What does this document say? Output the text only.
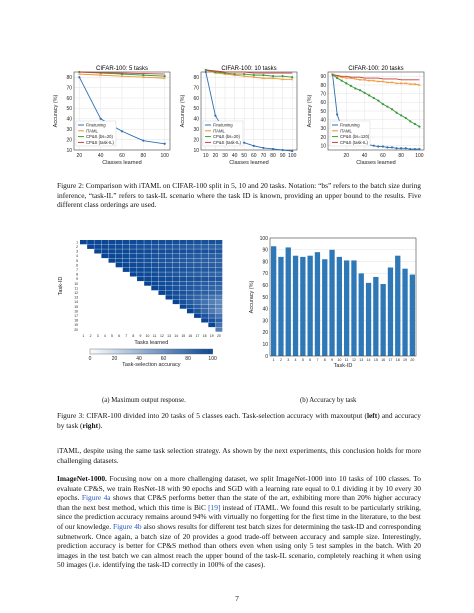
CIFAR-100: 5 tasks
10
20
30
40
50
60
70
80
20	40	60	80	100
Classes learned
Accuracy (%)	Finetuning
iTAML
CP&S (bs=20)
CP&S (task-IL)
CIFAR-100: 10 tasks
10
20
30
40
50
60
70
80
10 20 30 40 50 60 70 80 90 100
Classes learned
Accuracy (%)	Finetuning
iTAML
CP&S (bs=20)
CP&S (task-IL)
CIFAR-100: 20 tasks
10
20
30
40
50
60
70
80
90
20	40	60	80 100
Classes learned
Accuracy (%)	Finetuning
iTAML
CP&S (bs=120)
CP&S (task-IL)
Figure 2: Comparison with iTAML on CIFAR-100 split in 5, 10 and 20 tasks. Notation: “bs” refers to the batch size during inference, “task-IL” refers to task-IL scenario where the task ID is known, providing an upper bound to the results. Five different class orderings are used.
1
2
3
4
5
6
7
8
9
10
11
12
13
14
15
16
17
18
19
20
1 2 3 4 5 6 7 8 9 10 11 12 13 14 15 16 17 18 19 20
Task-ID
Tasks learned
0	20	40	60	80	100
Task-selection accuracy
0
10
20
30
40
50
60
70
80
90
100
1 2 3 4 5 6 7 8 9 10 11 12 13 14 15 16 17 18 19 20
Task-ID
Accuracy (%)
(a) Maximum output response.	(b) Accuracy by task
Figure 3: CIFAR-100 divided into 20 tasks of 5 classes each. Task-selection accuracy with maxoutput (left) and accuracy by task (right).
iTAML, despite using the same task selection strategy. As shown by the next experiments, this conclusion holds for more challenging datasets.
ImageNet-1000. Focusing now on a more challenging dataset, we split ImageNet-1000 into 10 tasks of 100 classes. To evaluate CP&S, we train ResNet-18 with 90 epochs and SGD with a learning rate equal to 0.1 dividing it by 10 every 30 epochs. Figure 4a shows that CP&S performs better than the state of the art, exhibiting more than 20% higher accuracy than the next best method, which this time is BiC [19] instead of iTAML. We found this result to be particularly striking, since the prediction accuracy remains around 94% with virtually no forgetting for the first time in the literature, to the best of our knowledge. Figure 4b also shows results for different test batch sizes for determining the task-ID and corresponding subnetwork. Once again, a batch size of 20 provides a good trade-off between accuracy and sample size. Interestingly, prediction accuracy is better for CP&S method than others even when using only 5 test samples in the batch. With 20 images in the test batch we can almost reach the upper bound of the task-IL scenario, completely reaching it when using 50 images (i.e. identifying the task-ID correctly in 100% of the cases).
7
